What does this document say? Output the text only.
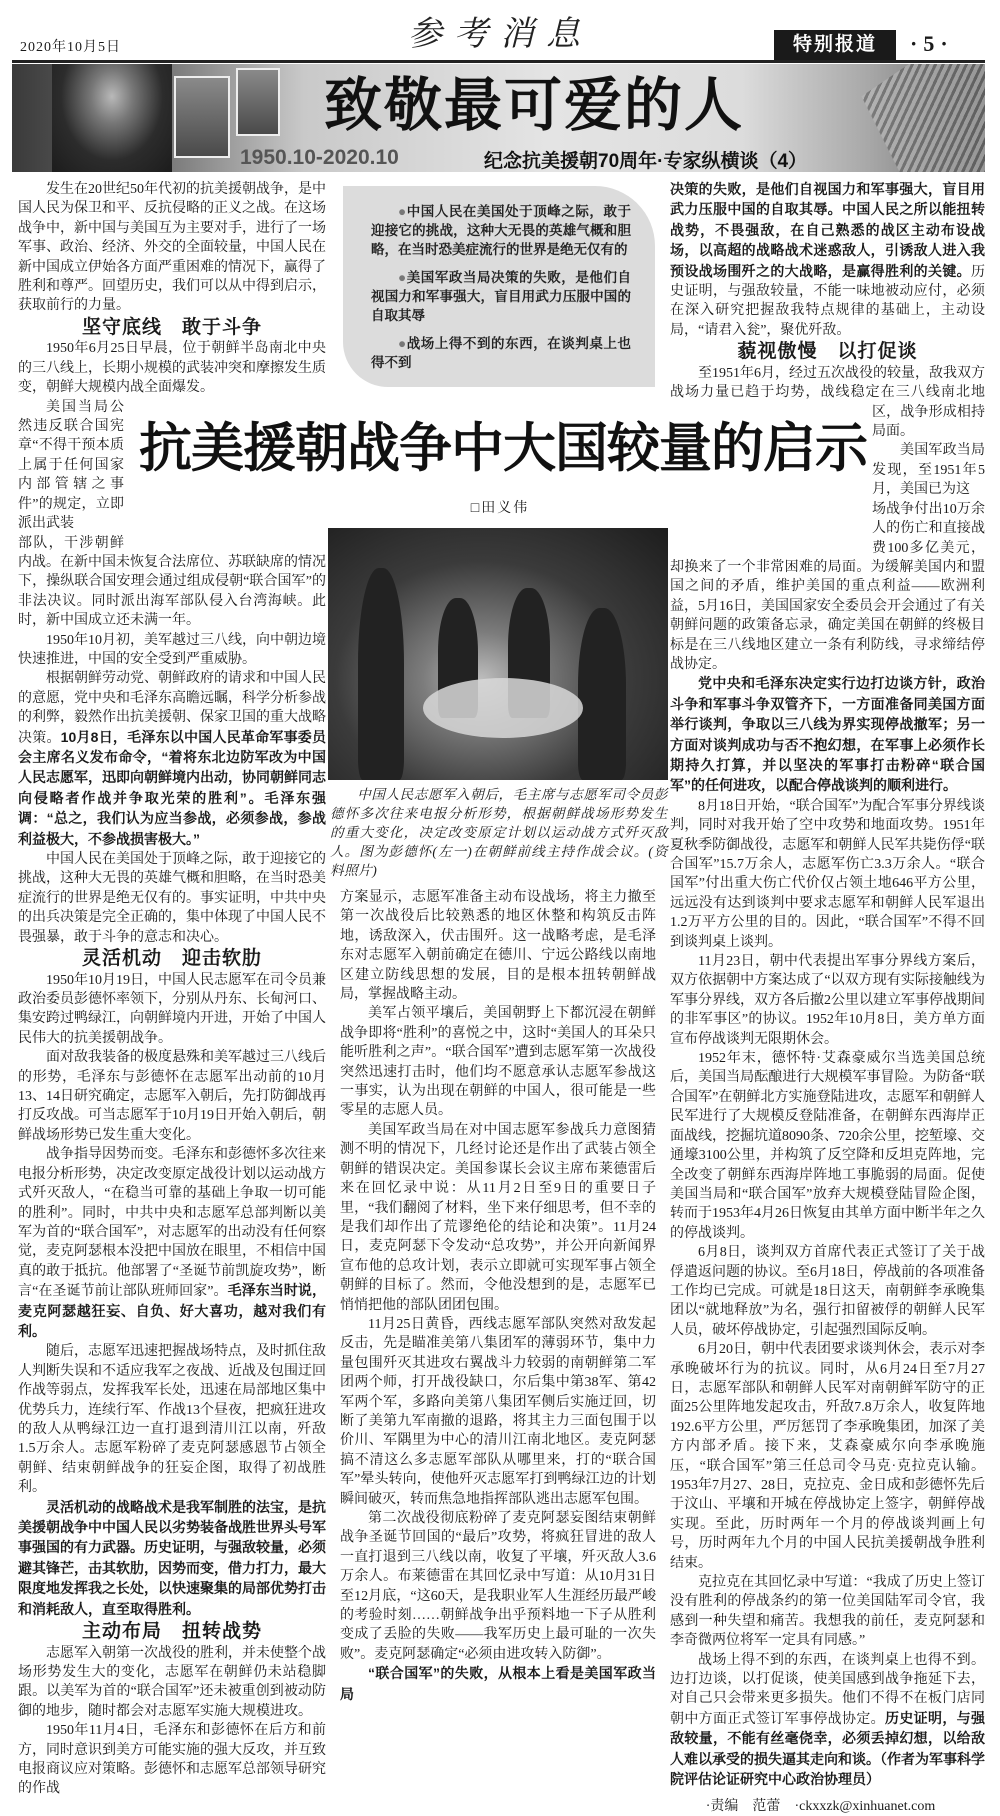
2020年10月5日	参考消息	特别报道	·5·
致敬最可爱的人
1950.10-2020.10	纪念抗美援朝70周年·专家纵横谈（4）

发生在20世纪50年代初的抗美援朝战争，是中国人民为保卫和平、反抗侵略的正义之战。在这场战争中，新中国与美国互为主要对手，进行了一场军事、政治、经济、外交的全面较量，中国人民在新中国成立伊始各方面严重困难的情况下，赢得了胜利和尊严。回望历史，我们可以从中得到启示，获取前行的力量。

坚守底线　敢于斗争

1950年6月25日早晨，位于朝鲜半岛南北中央的三八线上，长期小规模的武装冲突和摩擦发生质变，朝鲜大规模内战全面爆发。

美国当局公然违反联合国宪章“不得干预本质上属于任何国家内部管辖之事件”的规定，立即派出武装

部队，干涉朝鲜内战。在新中国未恢复合法席位、苏联缺席的情况下，操纵联合国安理会通过组成侵朝“联合国军”的非法决议。同时派出海军部队侵入台湾海峡。此时，新中国成立还未满一年。

1950年10月初，美军越过三八线，向中朝边境快速推进，中国的安全受到严重威胁。

根据朝鲜劳动党、朝鲜政府的请求和中国人民的意愿，党中央和毛泽东高瞻远瞩，科学分析参战的利弊，毅然作出抗美援朝、保家卫国的重大战略决策。10月8日，毛泽东以中国人民革命军事委员会主席名义发布命令，“着将东北边防军改为中国人民志愿军，迅即向朝鲜境内出动，协同朝鲜同志向侵略者作战并争取光荣的胜利”。毛泽东强调：“总之，我们认为应当参战，必须参战，参战利益极大，不参战损害极大。”

中国人民在美国处于顶峰之际，敢于迎接它的挑战，这种大无畏的英雄气概和胆略，在当时恐美症流行的世界是绝无仅有的。事实证明，中共中央的出兵决策是完全正确的，集中体现了中国人民不畏强暴，敢于斗争的意志和决心。

灵活机动　迎击软肋

1950年10月19日，中国人民志愿军在司令员兼政治委员彭德怀率领下，分别从丹东、长甸河口、集安跨过鸭绿江，向朝鲜境内开进，开始了中国人民伟大的抗美援朝战争。

面对敌我装备的极度悬殊和美军越过三八线后的形势，毛泽东与彭德怀在志愿军出动前的10月13、14日研究确定，志愿军入朝后，先打防御战再打反攻战。可当志愿军于10月19日开始入朝后，朝鲜战场形势已发生重大变化。

战争指导因势而变。毛泽东和彭德怀多次往来电报分析形势，决定改变原定战役计划以运动战方式歼灭敌人，“在稳当可靠的基础上争取一切可能的胜利”。同时，中共中央和志愿军总部判断以美军为首的“联合国军”，对志愿军的出动没有任何察觉，麦克阿瑟根本没把中国放在眼里，不相信中国真的敢于抵抗。他部署了“圣诞节前凯旋攻势”，断言“在圣诞节前让部队班师回家”。毛泽东当时说，麦克阿瑟越狂妄、自负、好大喜功，越对我们有利。

随后，志愿军迅速把握战场特点，及时抓住敌人判断失误和不适应我军之夜战、近战及包围迂回作战等弱点，发挥我军长处，迅速在局部地区集中优势兵力，连续行军、作战13个昼夜，把疯狂进攻的敌人从鸭绿江边一直打退到清川江以南，歼敌1.5万余人。志愿军粉碎了麦克阿瑟感恩节占领全朝鲜、结束朝鲜战争的狂妄企图，取得了初战胜利。

灵活机动的战略战术是我军制胜的法宝，是抗美援朝战争中中国人民以劣势装备战胜世界头号军事强国的有力武器。历史证明，与强敌较量，必须避其锋芒，击其软肋，因势而变，借力打力，最大限度地发挥我之长处，以快速聚集的局部优势打击和消耗敌人，直至取得胜利。

主动布局　扭转战势

志愿军入朝第一次战役的胜利，并未使整个战场形势发生大的变化，志愿军在朝鲜仍未站稳脚跟。以美军为首的“联合国军”还未被重创到被动防御的地步，随时都会对志愿军实施大规模进攻。

1950年11月4日，毛泽东和彭德怀在后方和前方，同时意识到美方可能实施的强大反攻，并互致电报商议应对策略。彭德怀和志愿军总部领导研究的作战

决策的失败，是他们自视国力和军事强大，盲目用武力压服中国的自取其辱。中国人民之所以能扭转战势，不畏强敌，在自己熟悉的战区主动布设战场，以高超的战略战术迷惑敌人，引诱敌人进入我预设战场围歼之的大战略，是赢得胜利的关键。历史证明，与强敌较量，不能一味地被动应付，必须在深入研究把握敌我特点规律的基础上，主动设局，“请君入瓮”，聚优歼敌。

藐视傲慢　以打促谈

至1951年6月，经过五次战役的较量，敌我双方战场力量已趋于均势，战线稳定在三八线南北地区，战争形成相持局面。

美国军政当局发现，至1951年5月，美国已为这

场战争付出10万余人的伤亡和直接战费100多亿美元，却换来了一个非常困难的局面。为缓解美国内和盟国之间的矛盾，维护美国的重点利益——欧洲利益，5月16日，美国国家安全委员会开会通过了有关朝鲜问题的政策备忘录，确定美国在朝鲜的终极目标是在三八线地区建立一条有利防线，寻求缔结停战协定。

党中央和毛泽东决定实行边打边谈方针，政治斗争和军事斗争双管齐下，一方面准备同美国方面举行谈判，争取以三八线为界实现停战撤军；另一方面对谈判成功与否不抱幻想，在军事上必须作长期持久打算，并以坚决的军事打击粉碎“联合国军”的任何进攻，以配合停战谈判的顺利进行。

8月18日开始，“联合国军”为配合军事分界线谈判，同时对我开始了空中攻势和地面攻势。1951年夏秋季防御战役，志愿军和朝鲜人民军共毙伤俘“联合国军”15.7万余人，志愿军伤亡3.3万余人。“联合国军”付出重大伤亡代价仅占领土地646平方公里，远远没有达到谈判中要求志愿军和朝鲜人民军退出1.2万平方公里的目的。因此，“联合国军”不得不回到谈判桌上谈判。

11月23日，朝中代表提出军事分界线方案后，双方依据朝中方案达成了“以双方现有实际接触线为军事分界线，双方各后撤2公里以建立军事停战期间的非军事区”的协议。1952年10月8日，美方单方面宣布停战谈判无限期休会。

1952年末，德怀特·艾森豪威尔当选美国总统后，美国当局酝酿进行大规模军事冒险。为防备“联合国军”在朝鲜北方实施登陆进攻，志愿军和朝鲜人民军进行了大规模反登陆准备，在朝鲜东西海岸正面战线，挖掘坑道8090条、720余公里，挖堑壕、交通壕3100公里，并构筑了反空降和反坦克阵地，完全改变了朝鲜东西海岸阵地工事脆弱的局面。促使美国当局和“联合国军”放弃大规模登陆冒险企图，转而于1953年4月26日恢复由其单方面中断半年之久的停战谈判。

6月8日，谈判双方首席代表正式签订了关于战俘遣返问题的协议。至6月18日，停战前的各项准备工作均已完成。可就是18日这天，南朝鲜李承晚集团以“就地释放”为名，强行扣留被俘的朝鲜人民军人员，破坏停战协定，引起强烈国际反响。

6月20日，朝中代表团要求谈判休会，表示对李承晚破坏行为的抗议。同时，从6月24日至7月27日，志愿军部队和朝鲜人民军对南朝鲜军防守的正面25公里阵地发起攻击，歼敌7.8万余人，收复阵地192.6平方公里，严厉惩罚了李承晚集团，加深了美方内部矛盾。接下来，艾森豪威尔向李承晚施压，“联合国军”第三任总司令马克·克拉克认输。1953年7月27、28日，克拉克、金日成和彭德怀先后于汶山、平壤和开城在停战协定上签字，朝鲜停战实现。至此，历时两年一个月的停战谈判画上句号，历时两年九个月的中国人民抗美援朝战争胜利结束。

克拉克在其回忆录中写道：“我成了历史上签订没有胜利的停战条约的第一位美国陆军司令官，我感到一种失望和痛苦。我想我的前任，麦克阿瑟和李奇微两位将军一定具有同感。”

战场上得不到的东西，在谈判桌上也得不到。边打边谈，以打促谈，使美国感到战争拖延下去，对自己只会带来更多损失。他们不得不在板门店同朝中方面正式签订军事停战协定。历史证明，与强敌较量，不能有丝毫侥幸，必须丢掉幻想，以给敌人难以承受的损失逼其走向和谈。（作者为军事科学院评估论证研究中心政治协理员）

·责编　范蕾 ·ckxxzk@xinhuanet.com

●中国人民在美国处于顶峰之际，敢于迎接它的挑战，这种大无畏的英雄气概和胆略，在当时恐美症流行的世界是绝无仅有的

●美国军政当局决策的失败，是他们自视国力和军事强大，盲目用武力压服中国的自取其辱

●战场上得不到的东西，在谈判桌上也得不到

抗美援朝战争中大国较量的启示
□田义伟
中国人民志愿军入朝后，毛主席与志愿军司令员彭德怀多次往来电报分析形势，根据朝鲜战场形势发生的重大变化，决定改变原定计划以运动战方式歼灭敌人。图为彭德怀(左一)在朝鲜前线主持作战会议。(资料照片)

方案显示，志愿军准备主动布设战场，将主力撤至第一次战役后比较熟悉的地区休整和构筑反击阵地，诱敌深入，伏击围歼。这一战略考虑，是毛泽东对志愿军入朝前确定在德川、宁远公路线以南地区建立防线思想的发展，目的是根本扭转朝鲜战局，掌握战略主动。

美军占领平壤后，美国朝野上下都沉浸在朝鲜战争即将“胜利”的喜悦之中，这时“美国人的耳朵只能听胜利之声”。“联合国军”遭到志愿军第一次战役突然迅速打击时，他们均不愿意承认志愿军参战这一事实，认为出现在朝鲜的中国人，很可能是一些零星的志愿人员。

美国军政当局在对中国志愿军参战兵力意图猜测不明的情况下，几经讨论还是作出了武装占领全朝鲜的错误决定。美国参谋长会议主席布莱德雷后来在回忆录中说：从11月2日至9日的重要日子里，“我们翻阅了材料，坐下来仔细思考，但不幸的是我们却作出了荒谬绝伦的结论和决策”。11月24日，麦克阿瑟下令发动“总攻势”，并公开向新闻界宣布他的总攻计划，表示立即就可实现军事占领全朝鲜的目标了。然而，令他没想到的是，志愿军已悄悄把他的部队团团包围。

11月25日黄昏，西线志愿军部队突然对敌发起反击，先是瞄准美第八集团军的薄弱环节，集中力量包围歼灭其进攻右翼战斗力较弱的南朝鲜第二军团两个师，打开战役缺口，尔后集中第38军、第42军两个军，多路向美第八集团军侧后实施迂回，切断了美第九军南撤的退路，将其主力三面包围于以价川、军隅里为中心的清川江南北地区。麦克阿瑟搞不清这么多志愿军部队从哪里来，打的“联合国军”晕头转向，使他歼灭志愿军打到鸭绿江边的计划瞬间破灭，转而焦急地指挥部队逃出志愿军包围。

第二次战役彻底粉碎了麦克阿瑟妄图结束朝鲜战争圣诞节回国的“最后”攻势，将疯狂冒进的敌人一直打退到三八线以南，收复了平壤，歼灭敌人3.6万余人。布莱德雷在其回忆录中写道：从10月31日至12月底，“这60天，是我职业军人生涯经历最严峻的考验时刻……朝鲜战争出乎预料地一下子从胜利变成了丢脸的失败——我军历史上最可耻的一次失败”。麦克阿瑟确定“必须由进攻转入防御”。

“联合国军”的失败，从根本上看是美国军政当局
